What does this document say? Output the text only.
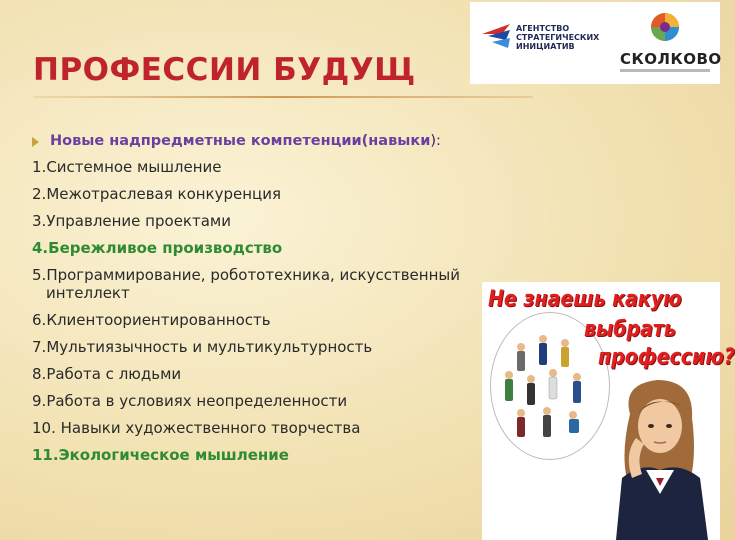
ПРОФЕССИИ БУДУЩ
АГЕНТСТВО
СТРАТЕГИЧЕСКИХ
ИНИЦИАТИВ
СКОЛКОВО
Новые надпредметные компетенции(навыки):
1.Системное мышление
2.Межотраслевая конкуренция
3.Управление проектами
4.Бережливое производство
5.Программирование, робототехника, искусственный
интеллект
6.Клиентоориентированность
7.Мультиязычность и мультикультурность
8.Работа с людьми
9.Работа в условиях неопределенности
10. Навыки художественного творчества
11.Экологическое мышление
Не знаешь какую
выбрать
профессию?
